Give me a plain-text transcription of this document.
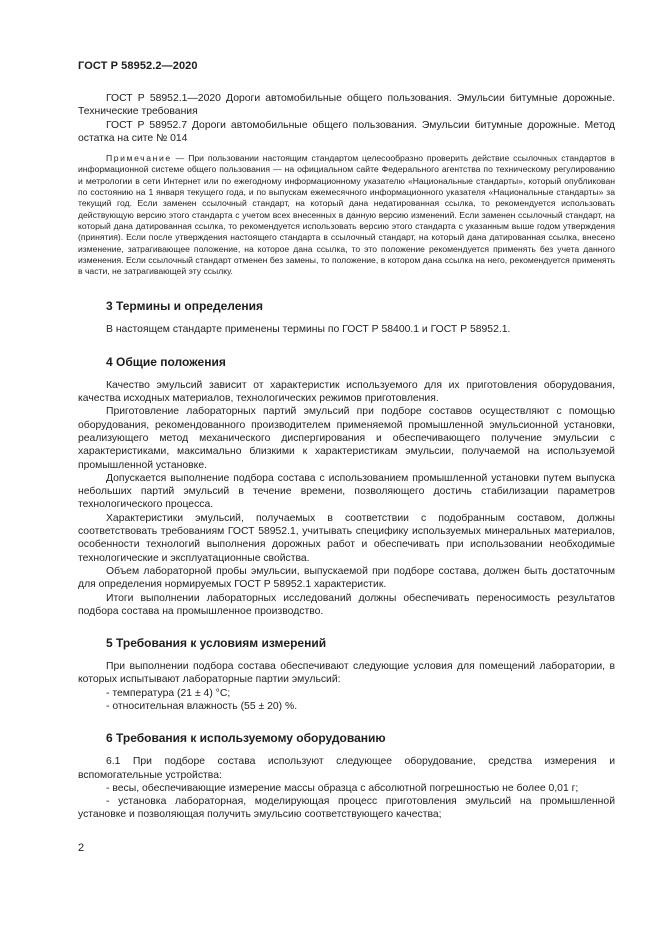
ГОСТ Р 58952.2—2020

ГОСТ Р 58952.1—2020 Дороги автомобильные общего пользования. Эмульсии битумные дорожные. Технические требования

ГОСТ Р 58952.7 Дороги автомобильные общего пользования. Эмульсии битумные дорожные. Метод остатка на сите № 014

Примечание — При пользовании настоящим стандартом целесообразно проверить действие ссылочных стандартов в информационной системе общего пользования — на официальном сайте Федерального агентства по техническому регулированию и метрологии в сети Интернет или по ежегодному информационному указателю «Национальные стандарты», который опубликован по состоянию на 1 января текущего года, и по выпускам ежемесячного информационного указателя «Национальные стандарты» за текущий год. Если заменен ссылочный стандарт, на который дана недатированная ссылка, то рекомендуется использовать действующую версию этого стандарта с учетом всех внесенных в данную версию изменений. Если заменен ссылочный стандарт, на который дана датированная ссылка, то рекомендуется использовать версию этого стандарта с указанным выше годом утверждения (принятия). Если после утверждения настоящего стандарта в ссылочный стандарт, на который дана датированная ссылка, внесено изменение, затрагивающее положение, на которое дана ссылка, то это положение рекомендуется применять без учета данного изменения. Если ссылочный стандарт отменен без замены, то положение, в котором дана ссылка на него, рекомендуется применять в части, не затрагивающей эту ссылку.

3 Термины и определения

В настоящем стандарте применены термины по ГОСТ Р 58400.1 и ГОСТ Р 58952.1.

4 Общие положения

Качество эмульсий зависит от характеристик используемого для их приготовления оборудования, качества исходных материалов, технологических режимов приготовления.

Приготовление лабораторных партий эмульсий при подборе составов осуществляют с помощью оборудования, рекомендованного производителем применяемой промышленной эмульсионной установки, реализующего метод механического диспергирования и обеспечивающего получение эмульсии с характеристиками, максимально близкими к характеристикам эмульсии, получаемой на используемой промышленной установке.

Допускается выполнение подбора состава с использованием промышленной установки путем выпуска небольших партий эмульсий в течение времени, позволяющего достичь стабилизации параметров технологического процесса.

Характеристики эмульсий, получаемых в соответствии с подобранным составом, должны соответствовать требованиям ГОСТ 58952.1, учитывать специфику используемых минеральных материалов, особенности технологий выполнения дорожных работ и обеспечивать при использовании необходимые технологические и эксплуатационные свойства.

Объем лабораторной пробы эмульсии, выпускаемой при подборе состава, должен быть достаточным для определения нормируемых ГОСТ Р 58952.1 характеристик.

Итоги выполнении лабораторных исследований должны обеспечивать переносимость результатов подбора состава на промышленное производство.

5 Требования к условиям измерений

При выполнении подбора состава обеспечивают следующие условия для помещений лаборатории, в которых испытывают лабораторные партии эмульсий:

- температура (21 ± 4) °С;

- относительная влажность (55 ± 20) %.

6 Требования к используемому оборудованию

6.1 При подборе состава используют следующее оборудование, средства измерения и вспомогательные устройства:

- весы, обеспечивающие измерение массы образца с абсолютной погрешностью не более 0,01 г;

- установка лабораторная, моделирующая процесс приготовления эмульсий на промышленной установке и позволяющая получить эмульсию соответствующего качества;

2
